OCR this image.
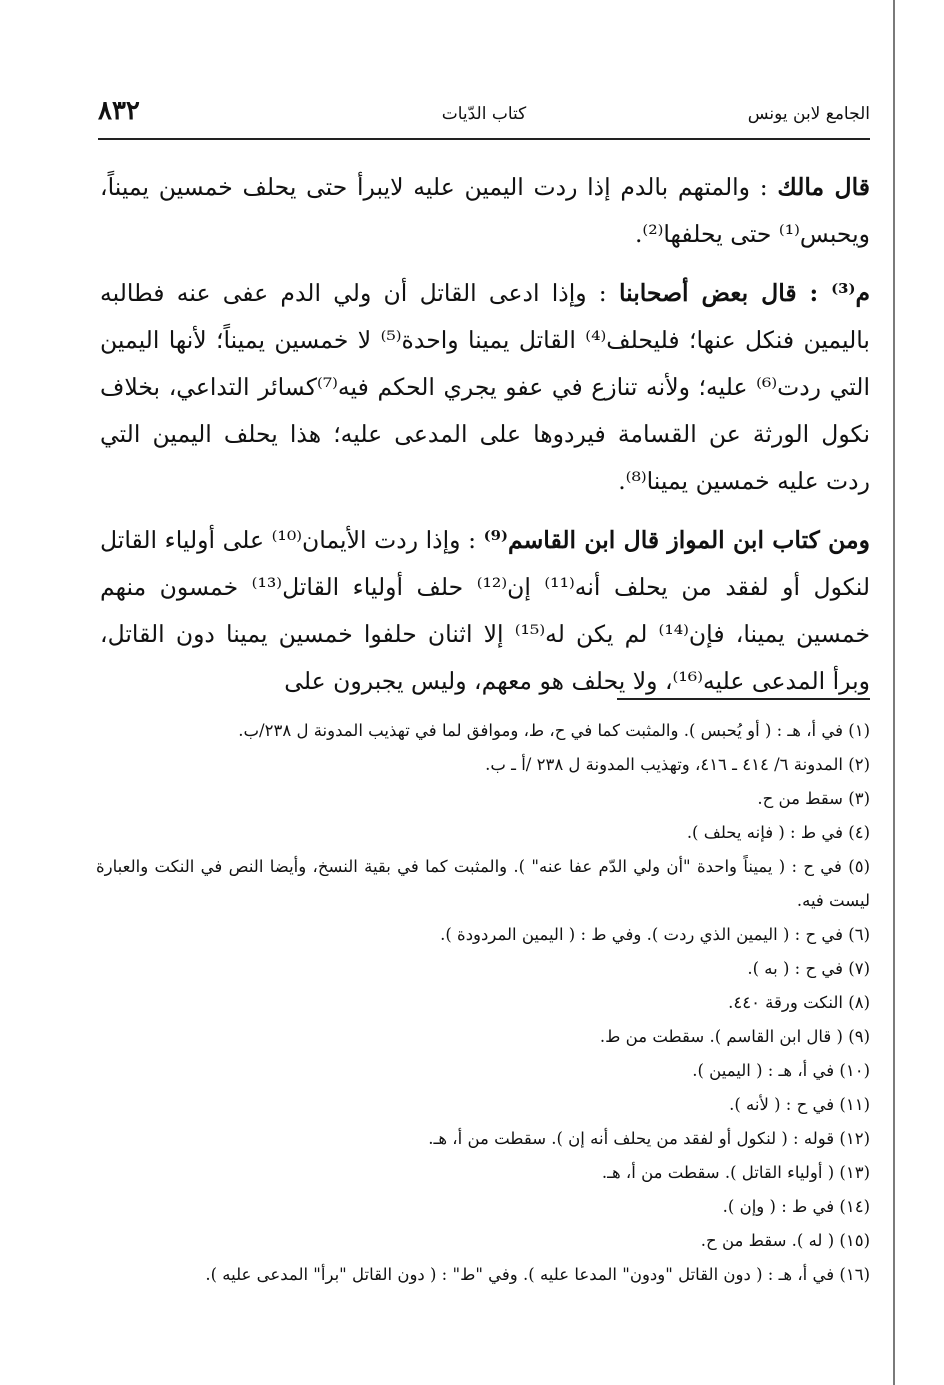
الجامع لابن يونس
كتاب الدّيات
٨٣٢

قال مالك : والمتهم بالدم إذا ردت اليمين عليه لايبرأ حتى يحلف خمسين يميناً، ويحبس⁽¹⁾ حتى يحلفها⁽²⁾.

م⁽³⁾ : قال بعض أصحابنا : وإذا ادعى القاتل أن ولي الدم عفى عنه فطالبه باليمين فنكل عنها؛ فليحلف⁽⁴⁾ القاتل يمينا واحدة⁽⁵⁾ لا خمسين يميناً؛ لأنها اليمين التي ردت⁽⁶⁾ عليه؛ ولأنه تنازع في عفو يجري الحكم فيه⁽⁷⁾كسائر التداعي، بخلاف نكول الورثة عن القسامة فيردوها على المدعى عليه؛ هذا يحلف اليمين التي ردت عليه خمسين يمينا⁽⁸⁾.

ومن كتاب ابن المواز قال ابن القاسم⁽⁹⁾ : وإذا ردت الأيمان⁽¹⁰⁾ على أولياء القاتل لنكول أو لفقد من يحلف أنه⁽¹¹⁾ إن⁽¹²⁾ حلف أولياء القاتل⁽¹³⁾ خمسون منهم خمسين يمينا، فإن⁽¹⁴⁾ لم يكن له⁽¹⁵⁾ إلا اثنان حلفوا خمسين يمينا دون القاتل، وبرأ المدعى عليه⁽¹⁶⁾، ولا يحلف هو معهم، وليس يجبرون على

(١) في أ، هـ : ( أو يُحبس ). والمثبت كما في ح، ط، وموافق لما في تهذيب المدونة ل ٢٣٨/ب.
(٢) المدونة ٦/ ٤١٤ ـ ٤١٦، وتهذيب المدونة ل ٢٣٨ /أ ـ ب.
(٣) سقط من ح.
(٤) في ط : ( فإنه يحلف ).
(٥) في ح : ( يميناً واحدة "أن ولي الدّم عفا عنه" ). والمثبت كما في بقية النسخ، وأيضا النص في النكت والعبارة ليست فيه.
(٦) في ح : ( اليمين الذي ردت ). وفي ط : ( اليمين المردودة ).
(٧) في ح : ( به ).
(٨) النكت ورقة ٤٤٠.
(٩) ( قال ابن القاسم ). سقطت من ط.
(١٠) في أ، هـ : ( اليمين ).
(١١) في ح : ( لأنه ).
(١٢) قوله : ( لنكول أو لفقد من يحلف أنه إن ). سقطت من أ، هـ.
(١٣) ( أولياء القاتل ). سقطت من أ، هـ.
(١٤) في ط : ( وإن ).
(١٥) ( له ). سقط من ح.
(١٦) في أ، هـ : ( دون القاتل "ودون" المدعا عليه ). وفي "ط" : ( دون القاتل "برأ" المدعى عليه ).
